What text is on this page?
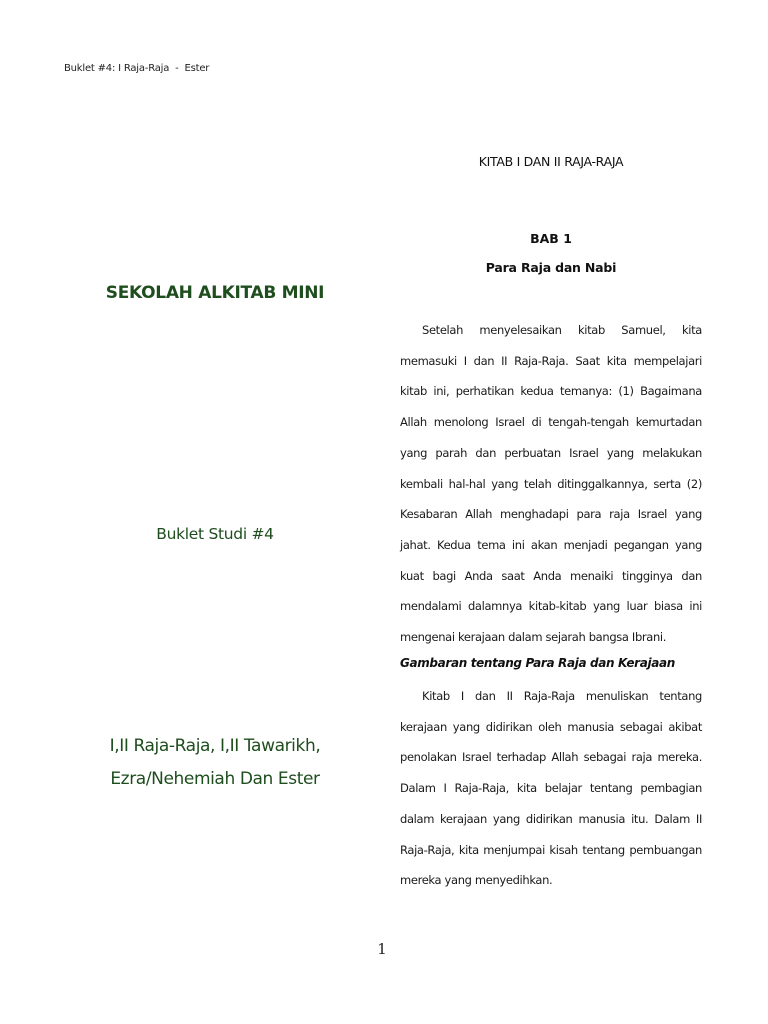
Buklet #4: I Raja-Raja  -  Ester
SEKOLAH ALKITAB MINI
Buklet Studi #4
I,II Raja-Raja, I,II Tawarikh,
Ezra/Nehemiah Dan Ester
KITAB I DAN II RAJA-RAJA
BAB 1
Para Raja dan Nabi

Setelah menyelesaikan kitab Samuel, kita memasuki I dan II Raja-Raja. Saat kita mempelajari kitab ini, perhatikan kedua temanya: (1) Bagaimana Allah menolong Israel di tengah-tengah kemurtadan yang parah dan perbuatan Israel yang melakukan kembali hal-hal yang telah ditinggalkannya, serta (2) Kesabaran Allah menghadapi para raja Israel yang jahat. Kedua tema ini akan menjadi pegangan yang kuat bagi Anda saat Anda menaiki tingginya dan mendalami dalamnya kitab-kitab yang luar biasa ini mengenai kerajaan dalam sejarah bangsa Ibrani.

Gambaran tentang Para Raja dan Kerajaan

Kitab I dan II Raja-Raja menuliskan tentang kerajaan yang didirikan oleh manusia sebagai akibat penolakan Israel terhadap Allah sebagai raja mereka. Dalam I Raja-Raja, kita belajar tentang pembagian dalam kerajaan yang didirikan manusia itu. Dalam II Raja-Raja, kita menjumpai kisah tentang pembuangan mereka yang menyedihkan.

1
